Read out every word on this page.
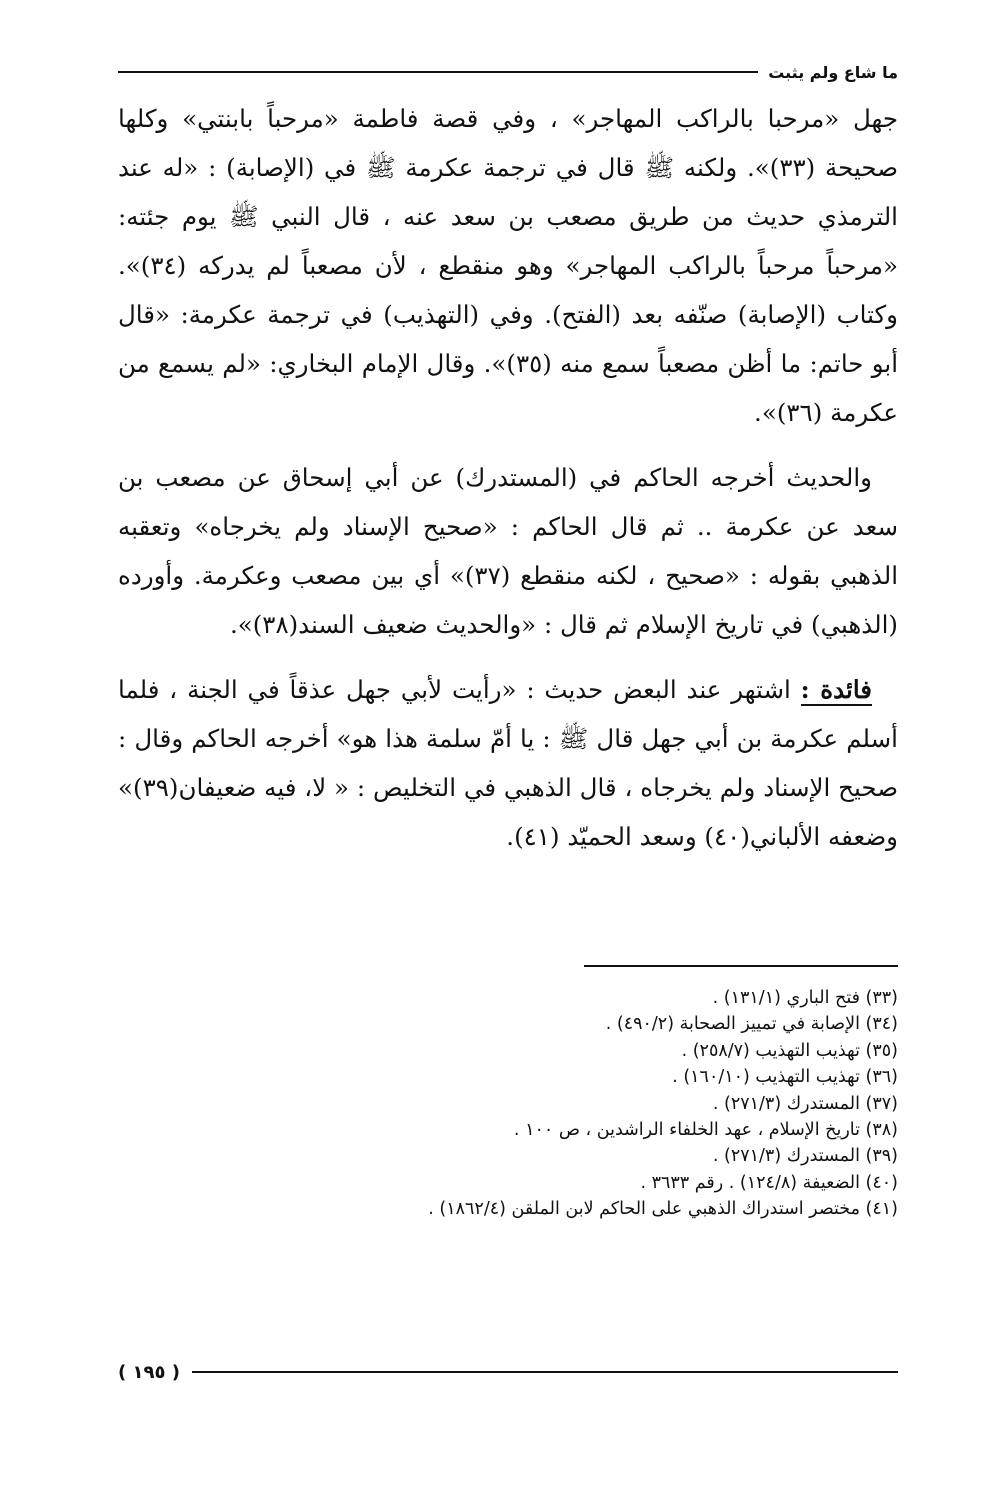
ما شاع ولم يثبت

جهل «مرحبا بالراكب المهاجر» ، وفي قصة فاطمة «مرحباً بابنتي» وكلها صحيحة (٣٣)». ولكنه ﷺ قال في ترجمة عكرمة ﷺ في (الإصابة) : «له عند الترمذي حديث من طريق مصعب بن سعد عنه ، قال النبي ﷺ يوم جئته: «مرحباً مرحباً بالراكب المهاجر» وهو منقطع ، لأن مصعباً لم يدركه (٣٤)». وكتاب (الإصابة) صنّفه بعد (الفتح). وفي (التهذيب) في ترجمة عكرمة: «قال أبو حاتم: ما أظن مصعباً سمع منه (٣٥)». وقال الإمام البخاري: «لم يسمع من عكرمة (٣٦)».

والحديث أخرجه الحاكم في (المستدرك) عن أبي إسحاق عن مصعب بن سعد عن عكرمة .. ثم قال الحاكم : «صحيح الإسناد ولم يخرجاه» وتعقبه الذهبي بقوله : «صحيح ، لكنه منقطع (٣٧)» أي بين مصعب وعكرمة. وأورده (الذهبي) في تاريخ الإسلام ثم قال : «والحديث ضعيف السند(٣٨)».

فائدة : اشتهر عند البعض حديث : «رأيت لأبي جهل عذقاً في الجنة ، فلما أسلم عكرمة بن أبي جهل قال ﷺ : يا أمّ سلمة هذا هو» أخرجه الحاكم وقال : صحيح الإسناد ولم يخرجاه ، قال الذهبي في التخليص : « لا، فيه ضعيفان(٣٩)» وضعفه الألباني(٤٠) وسعد الحميّد (٤١).

(٣٣) فتح الباري (١٣١/١) .
(٣٤) الإصابة في تمييز الصحابة (٤٩٠/٢) .
(٣٥) تهذيب التهذيب (٢٥٨/٧) .
(٣٦) تهذيب التهذيب (١٦٠/١٠) .
(٣٧) المستدرك (٢٧١/٣) .
(٣٨) تاريخ الإسلام ، عهد الخلفاء الراشدين ، ص ١٠٠ .
(٣٩) المستدرك (٢٧١/٣) .
(٤٠) الضعيفة (١٢٤/٨) . رقم ٣٦٣٣ .
(٤١) مختصر استدراك الذهبي على الحاكم لابن الملقن (١٨٦٢/٤) .
( ١٩٥ )
